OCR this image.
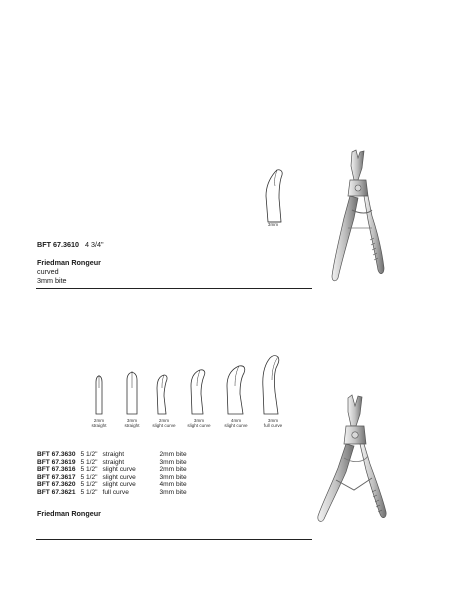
3mm
BFT 67.3610 4 3/4"
Friedman Rongeur
curved
3mm bite
2mm
straight
3mm
straight
2mm
slight curve
3mm
slight curve
4mm
slight curve
3mm
full curve
BFT 67.3630	5 1/2"	straight	2mm bite
BFT 67.3619	5 1/2"	straight	3mm bite
BFT 67.3616	5 1/2"	slight curve	2mm bite
BFT 67.3617	5 1/2"	slight curve	3mm bite
BFT 67.3620	5 1/2"	slight curve	4mm bite
BFT 67.3621	5 1/2"	full curve	3mm bite
Friedman Rongeur
